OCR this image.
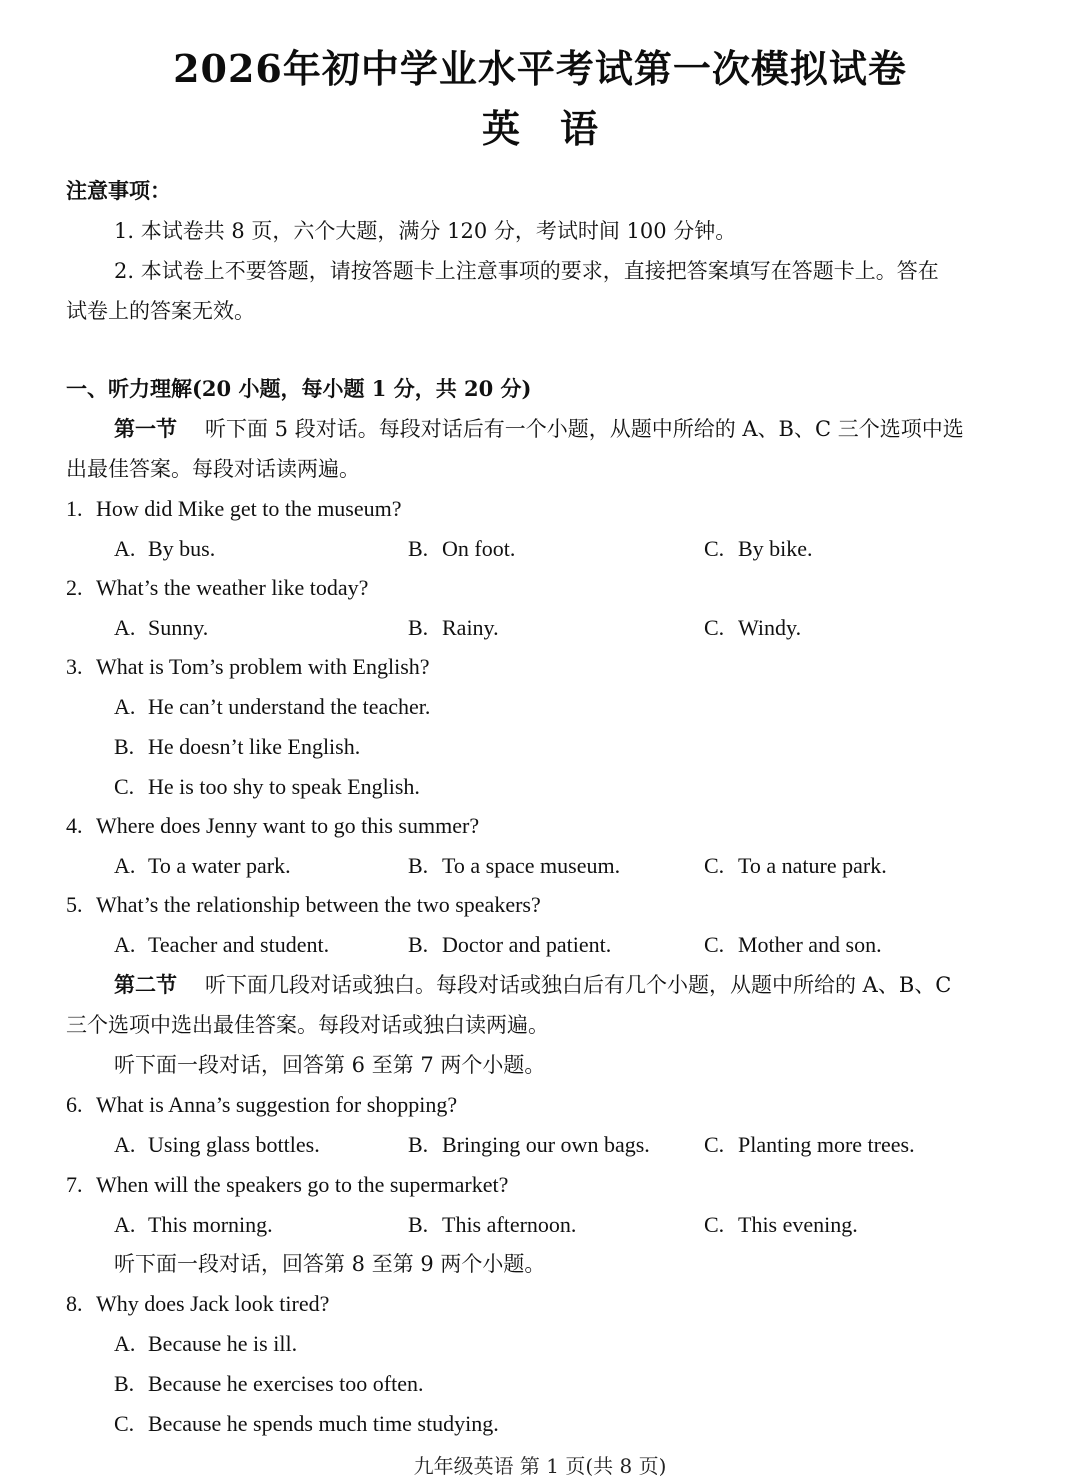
2026年初中学业水平考试第一次模拟试卷
英语
注意事项：
1. 本试卷共 8 页，六个大题，满分 120 分，考试时间 100 分钟。
2. 本试卷上不要答题，请按答题卡上注意事项的要求，直接把答案填写在答题卡上。答在
试卷上的答案无效。
一、听力理解(20 小题，每小题 1 分，共 20 分)
第一节 听下面 5 段对话。每段对话后有一个小题，从题中所给的 A、B、C 三个选项中选
出最佳答案。每段对话读两遍。
1. How did Mike get to the museum?
A. By bus.	B. On foot.	C. By bike.
2. What’s the weather like today?
A. Sunny.	B. Rainy.	C. Windy.
3. What is Tom’s problem with English?
A. He can’t understand the teacher.
B. He doesn’t like English.
C. He is too shy to speak English.
4. Where does Jenny want to go this summer?
A. To a water park.	B. To a space museum.	C. To a nature park.
5. What’s the relationship between the two speakers?
A. Teacher and student.	B. Doctor and patient.	C. Mother and son.
第二节 听下面几段对话或独白。每段对话或独白后有几个小题，从题中所给的 A、B、C
三个选项中选出最佳答案。每段对话或独白读两遍。
听下面一段对话，回答第 6 至第 7 两个小题。
6. What is Anna’s suggestion for shopping?
A. Using glass bottles.	B. Bringing our own bags. C. Planting more trees.
7. When will the speakers go to the supermarket?
A. This morning.	B. This afternoon.	C. This evening.
听下面一段对话，回答第 8 至第 9 两个小题。
8. Why does Jack look tired?
A. Because he is ill.
B. Because he exercises too often.
C. Because he spends much time studying.
九年级英语 第 1 页(共 8 页)
